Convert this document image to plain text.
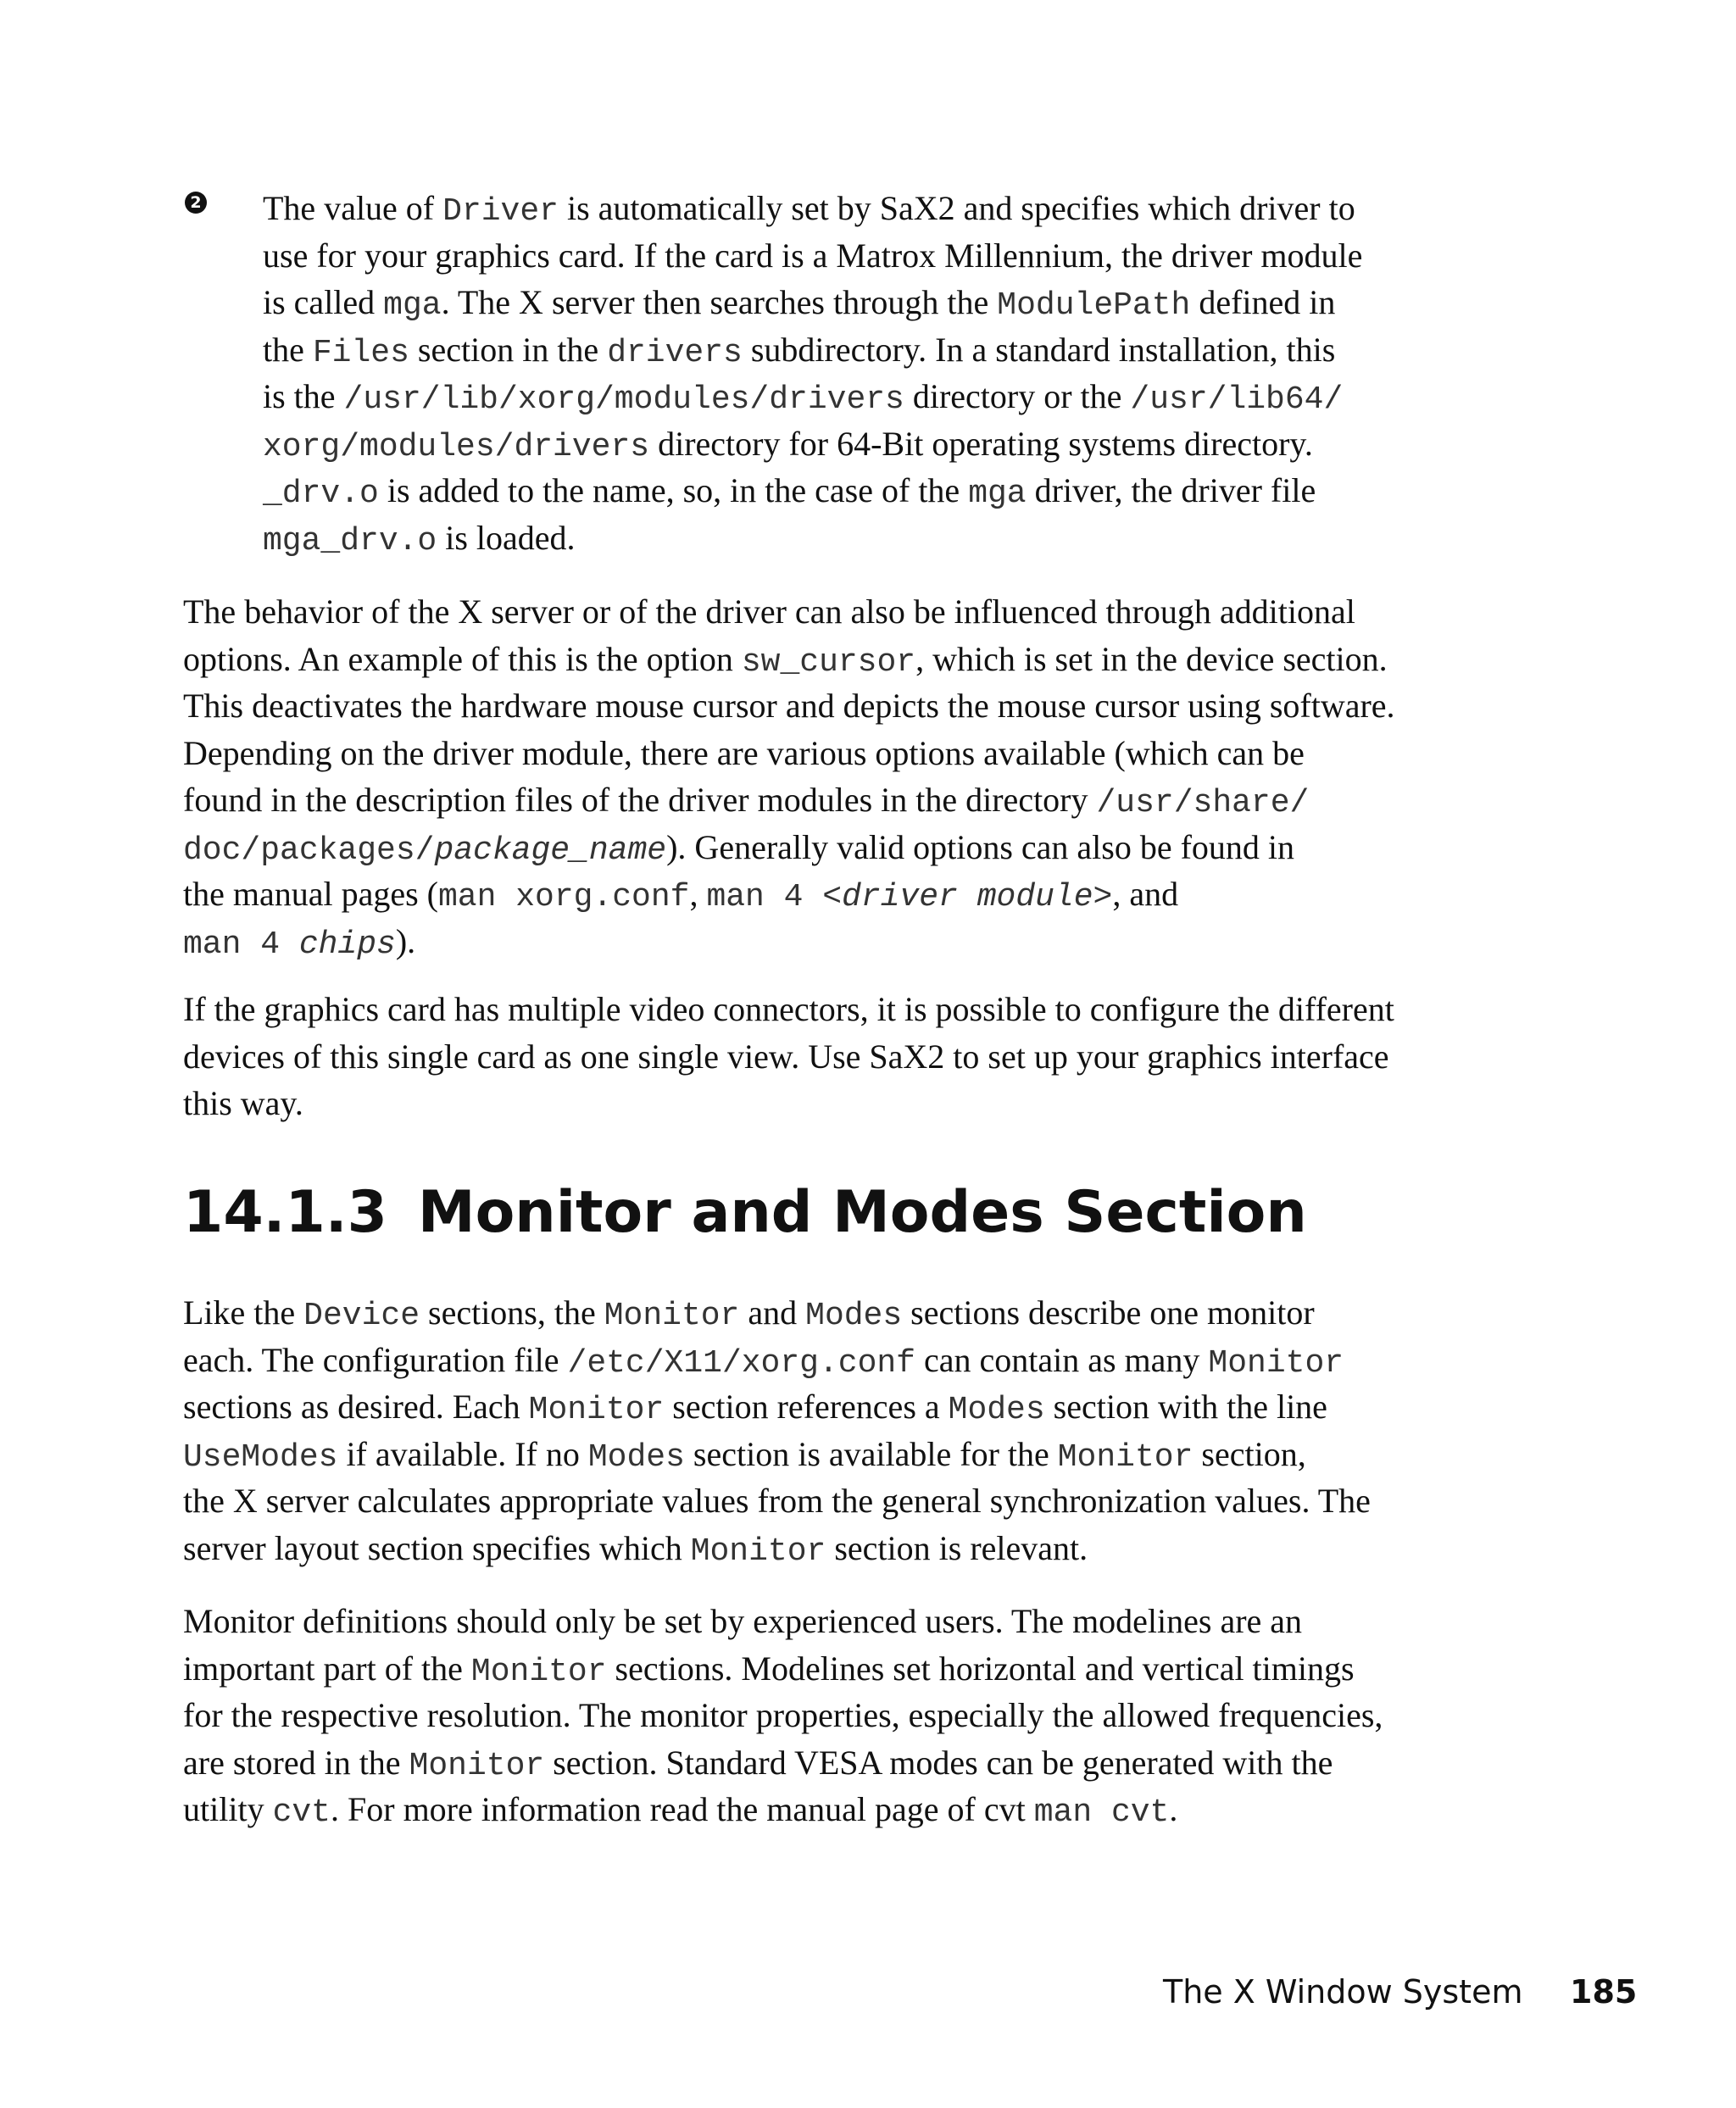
2 The value of Driver is automatically set by SaX2 and specifies which driver to
use for your graphics card. If the card is a Matrox Millennium, the driver module
is called mga. The X server then searches through the ModulePath defined in
the Files section in the drivers subdirectory. In a standard installation, this
is the /usr/lib/xorg/modules/drivers directory or the /usr/lib64/
xorg/modules/drivers directory for 64-Bit operating systems directory.
_drv.o is added to the name, so, in the case of the mga driver, the driver file
mga_drv.o is loaded.
The behavior of the X server or of the driver can also be influenced through additional
options. An example of this is the option sw_cursor, which is set in the device section.
This deactivates the hardware mouse cursor and depicts the mouse cursor using software.
Depending on the driver module, there are various options available (which can be
found in the description files of the driver modules in the directory /usr/share/
doc/packages/package_name). Generally valid options can also be found in
the manual pages (man xorg.conf, man 4 <driver module>, and
man 4 chips).
If the graphics card has multiple video connectors, it is possible to configure the different
devices of this single card as one single view. Use SaX2 to set up your graphics interface
this way.
14.1.3 Monitor and Modes Section
Like the Device sections, the Monitor and Modes sections describe one monitor
each. The configuration file /etc/X11/xorg.conf can contain as many Monitor
sections as desired. Each Monitor section references a Modes section with the line
UseModes if available. If no Modes section is available for the Monitor section,
the X server calculates appropriate values from the general synchronization values. The
server layout section specifies which Monitor section is relevant.
Monitor definitions should only be set by experienced users. The modelines are an
important part of the Monitor sections. Modelines set horizontal and vertical timings
for the respective resolution. The monitor properties, especially the allowed frequencies,
are stored in the Monitor section. Standard VESA modes can be generated with the
utility cvt. For more information read the manual page of cvt man cvt.
The X Window System 185
